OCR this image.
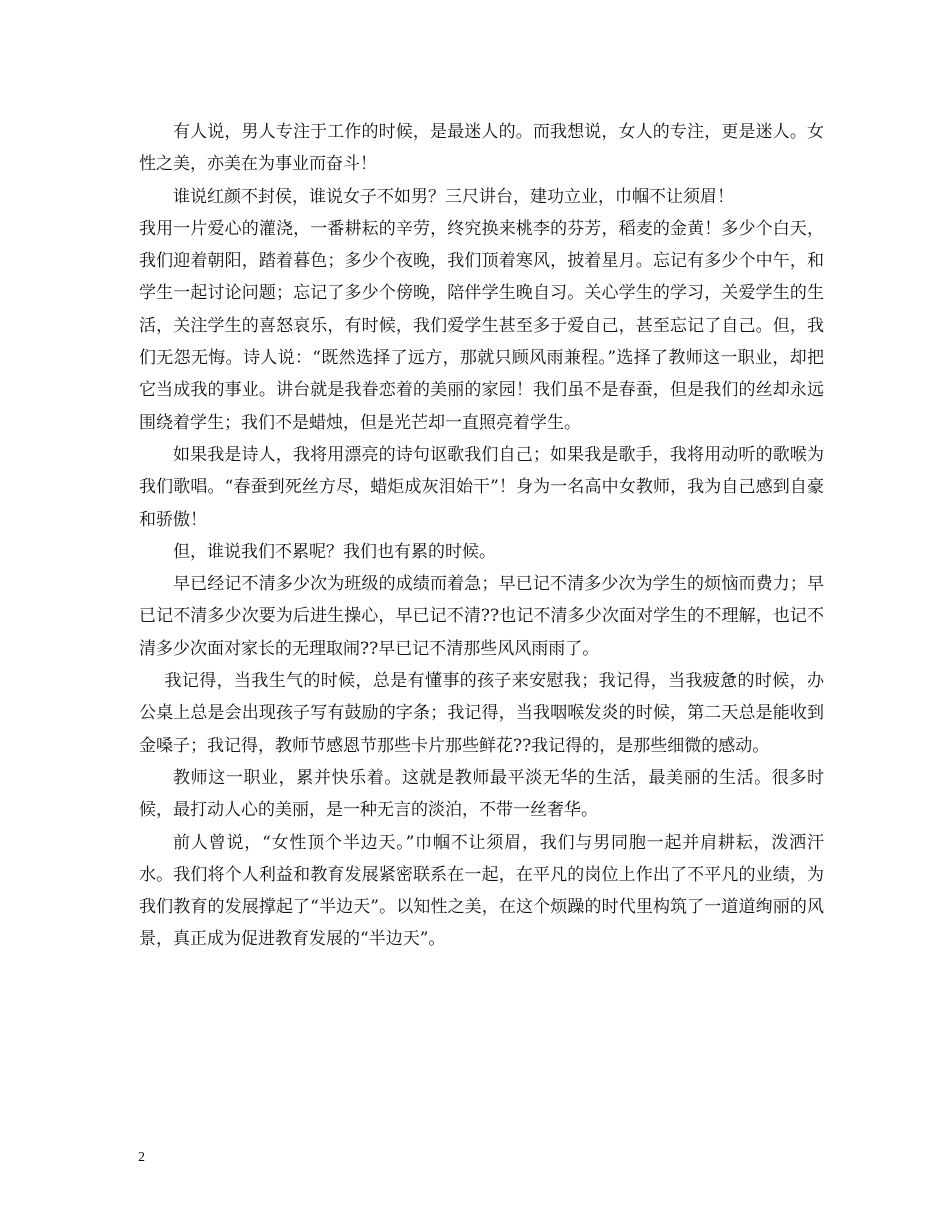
有人说，男人专注于工作的时候，是最迷人的。而我想说，女人的专注，更是迷人。女性之美，亦美在为事业而奋斗！

谁说红颜不封侯，谁说女子不如男？三尺讲台，建功立业，巾帼不让须眉！

我用一片爱心的灌浇，一番耕耘的辛劳，终究换来桃李的芬芳，稻麦的金黄！多少个白天，我们迎着朝阳，踏着暮色；多少个夜晚，我们顶着寒风，披着星月。忘记有多少个中午，和学生一起讨论问题；忘记了多少个傍晚，陪伴学生晚自习。关心学生的学习，关爱学生的生活，关注学生的喜怒哀乐，有时候，我们爱学生甚至多于爱自己，甚至忘记了自己。但，我们无怨无悔。诗人说：“既然选择了远方，那就只顾风雨兼程。”选择了教师这一职业，却把它当成我的事业。讲台就是我眷恋着的美丽的家园！我们虽不是春蚕，但是我们的丝却永远围绕着学生；我们不是蜡烛，但是光芒却一直照亮着学生。

如果我是诗人，我将用漂亮的诗句讴歌我们自己；如果我是歌手，我将用动听的歌喉为我们歌唱。“春蚕到死丝方尽，蜡炬成灰泪始干”！身为一名高中女教师，我为自己感到自豪和骄傲！

但，谁说我们不累呢？我们也有累的时候。

早已经记不清多少次为班级的成绩而着急；早已记不清多少次为学生的烦恼而费力；早已记不清多少次要为后进生操心，早已记不清??也记不清多少次面对学生的不理解，也记不清多少次面对家长的无理取闹??早已记不清那些风风雨雨了。

我记得，当我生气的时候，总是有懂事的孩子来安慰我；我记得，当我疲惫的时候，办公桌上总是会出现孩子写有鼓励的字条；我记得，当我咽喉发炎的时候，第二天总是能收到金嗓子；我记得，教师节感恩节那些卡片那些鲜花??我记得的，是那些细微的感动。

教师这一职业，累并快乐着。这就是教师最平淡无华的生活，最美丽的生活。很多时候，最打动人心的美丽，是一种无言的淡泊，不带一丝奢华。

前人曾说，“女性顶个半边天。”巾帼不让须眉，我们与男同胞一起并肩耕耘，泼洒汗水。我们将个人利益和教育发展紧密联系在一起，在平凡的岗位上作出了不平凡的业绩，为我们教育的发展撑起了“半边天”。以知性之美，在这个烦躁的时代里构筑了一道道绚丽的风景，真正成为促进教育发展的“半边天”。

2
